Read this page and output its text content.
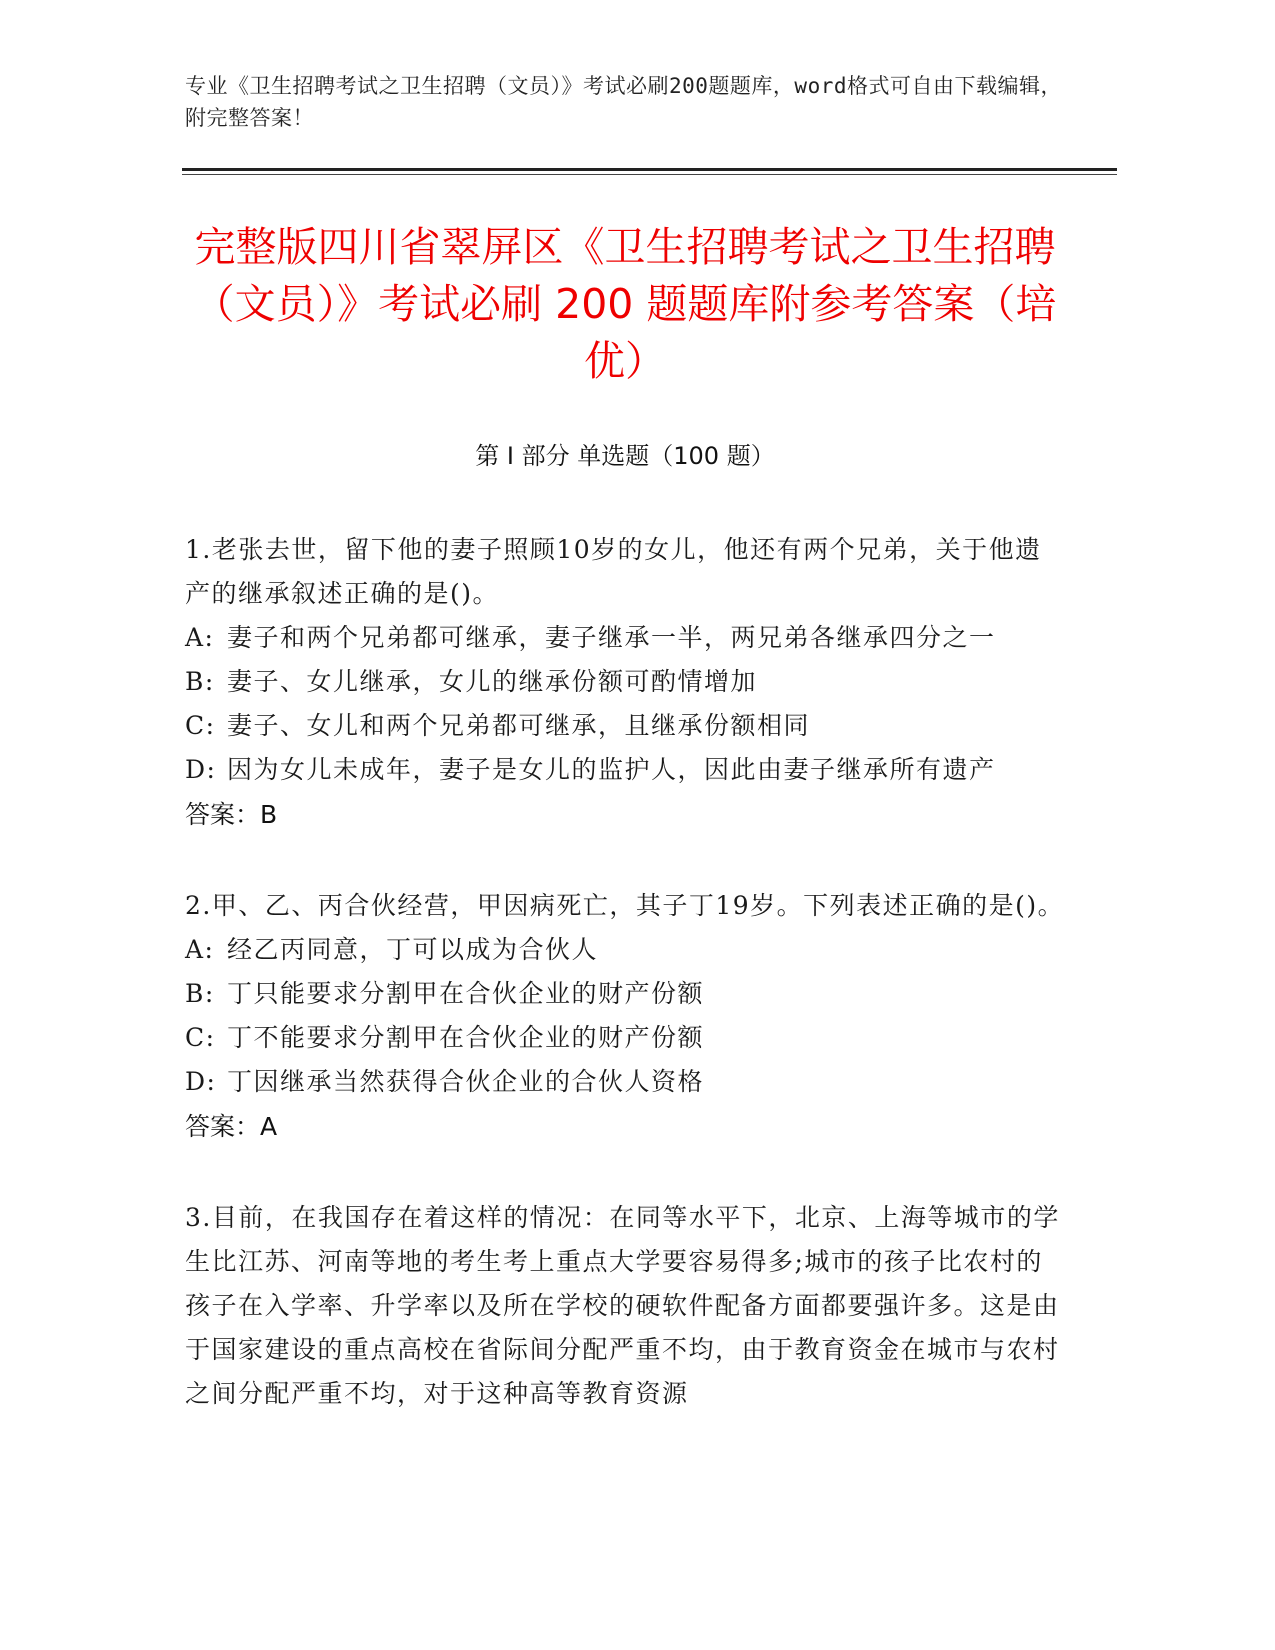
专业《卫生招聘考试之卫生招聘（文员）》考试必刷200题题库，word格式可自由下载编辑，附完整答案！
完整版四川省翠屏区《卫生招聘考试之卫生招聘（文员）》考试必刷 200 题题库附参考答案（培优）
第 I 部分 单选题（100 题）
1.老张去世，留下他的妻子照顾10岁的女儿，他还有两个兄弟，关于他遗产的继承叙述正确的是()。
A: 妻子和两个兄弟都可继承，妻子继承一半，两兄弟各继承四分之一
B: 妻子、女儿继承，女儿的继承份额可酌情增加
C: 妻子、女儿和两个兄弟都可继承，且继承份额相同
D: 因为女儿未成年，妻子是女儿的监护人，因此由妻子继承所有遗产
答案：B
2.甲、乙、丙合伙经营，甲因病死亡，其子丁19岁。下列表述正确的是()。
A: 经乙丙同意，丁可以成为合伙人
B: 丁只能要求分割甲在合伙企业的财产份额
C: 丁不能要求分割甲在合伙企业的财产份额
D: 丁因继承当然获得合伙企业的合伙人资格
答案：A
3.目前，在我国存在着这样的情况：在同等水平下，北京、上海等城市的学生比江苏、河南等地的考生考上重点大学要容易得多;城市的孩子比农村的孩子在入学率、升学率以及所在学校的硬软件配备方面都要强许多。这是由于国家建设的重点高校在省际间分配严重不均，由于教育资金在城市与农村之间分配严重不均，对于这种高等教育资源
